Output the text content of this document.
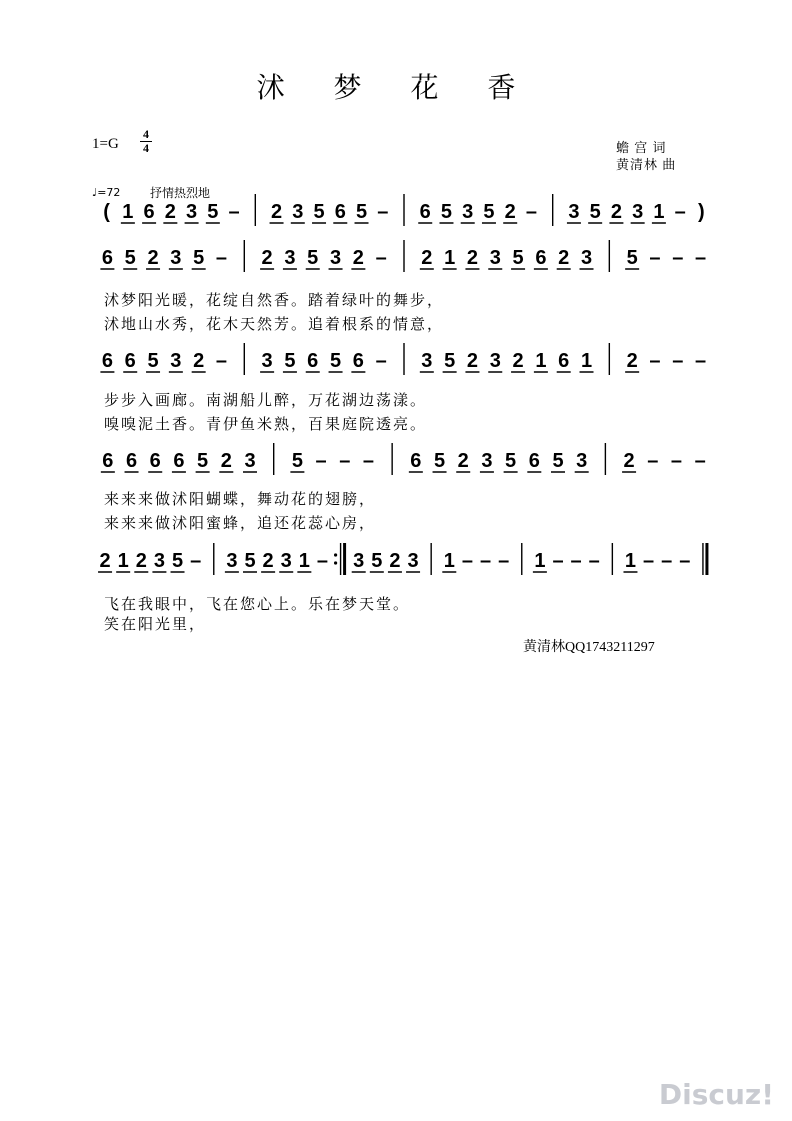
沭 梦 花 香
1=G
4
4	蟾 宫 词
黄清林 曲
♩=72 抒情热烈地
( 1 6 2 3 5 – 2 3 5 6 5 – 6 5 3 5 2 – 3 5 2 3 1 – )
6 5 2 3 5 – 2 3 5 3 2 – 2 1 2 3 5 6 2 3 5 – – –
6 6 5 3 2 – 3 5 6 5 6 – 3 5 2 3 2 1 6 1 2 – – –
6 6 6 6 5 2 3 5 – – – 6 5 2 3 5 6 5 3 2 – – –
2 1 2 3 5 – 3 5 2 3 1 – 3 5 2 3 1 – – – 1 – – – 1 – – –
沭梦阳光暖，花绽自然香。踏着绿叶的舞步，
沭地山水秀，花木天然芳。追着根系的情意，
步步入画廊。南湖船儿醉，万花湖边荡漾。
嗅嗅泥土香。青伊鱼米熟，百果庭院透亮。
来来来做沭阳蝴蝶，舞动花的翅膀，
来来来做沭阳蜜蜂，追还花蕊心房，
飞在我眼中，飞在您心上。乐在梦天堂。
笑在阳光里，
黄清林QQ1743211297
Discuz!
